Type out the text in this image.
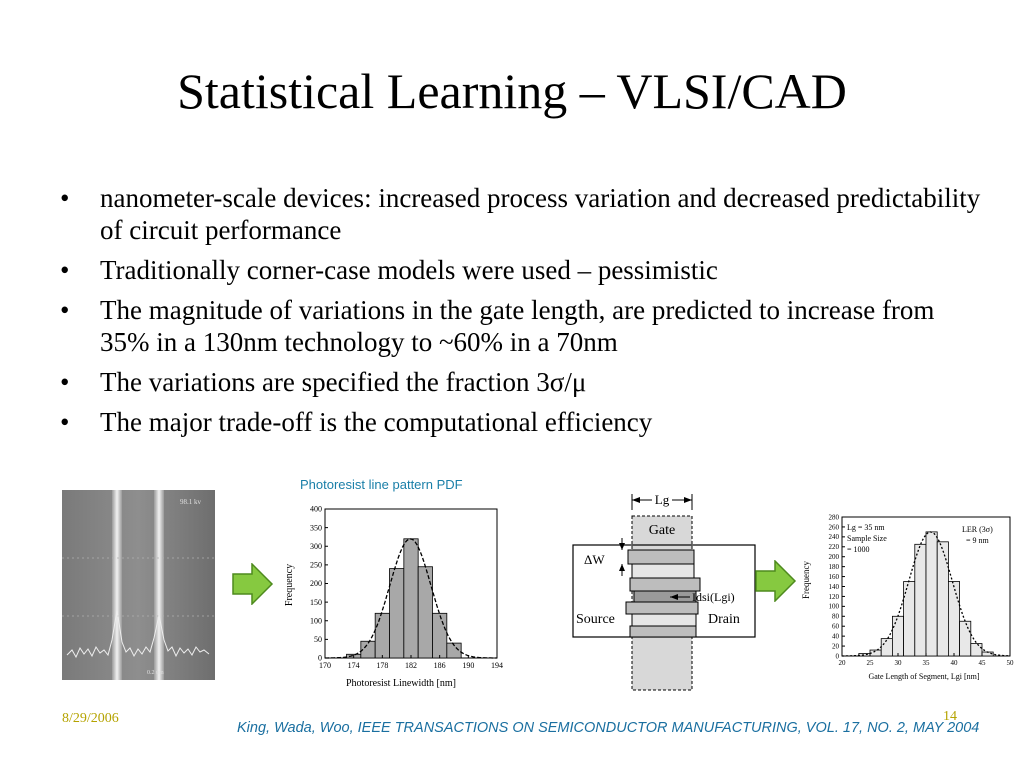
Statistical Learning – VLSI/CAD
• nanometer-scale devices: increased process variation and decreased predictability of circuit performance
• Traditionally corner-case models were used – pessimistic
• The magnitude of variations in the gate length, are predicted to increase from 35% in a 130nm technology to ~60% in a 70nm
• The variations are specified the fraction 3σ/μ
• The major trade-off is the computational efficiency
Photoresist line pattern PDF
98.1 kv
0.2 um
170 174 178 182 186 190 194
0
50
100
150
200
250
300
350
400
Photoresist Linewidth [nm]
Frequency
Lg
Gate
ΔW
Idsi(Lgi)
Source	Drain
20	25	30	35	40	45	50
0
20
40
60
80
100
120
140
160
180
200
220
240
260
280
Lg = 35 nm
Sample Size
= 1000
LER (3σ)
= 9 nm
Gate Length of Segment, Lgi [nm]
Frequency
8/29/2006	14
King, Wada, Woo, IEEE TRANSACTIONS ON SEMICONDUCTOR MANUFACTURING, VOL. 17, NO. 2, MAY 2004
